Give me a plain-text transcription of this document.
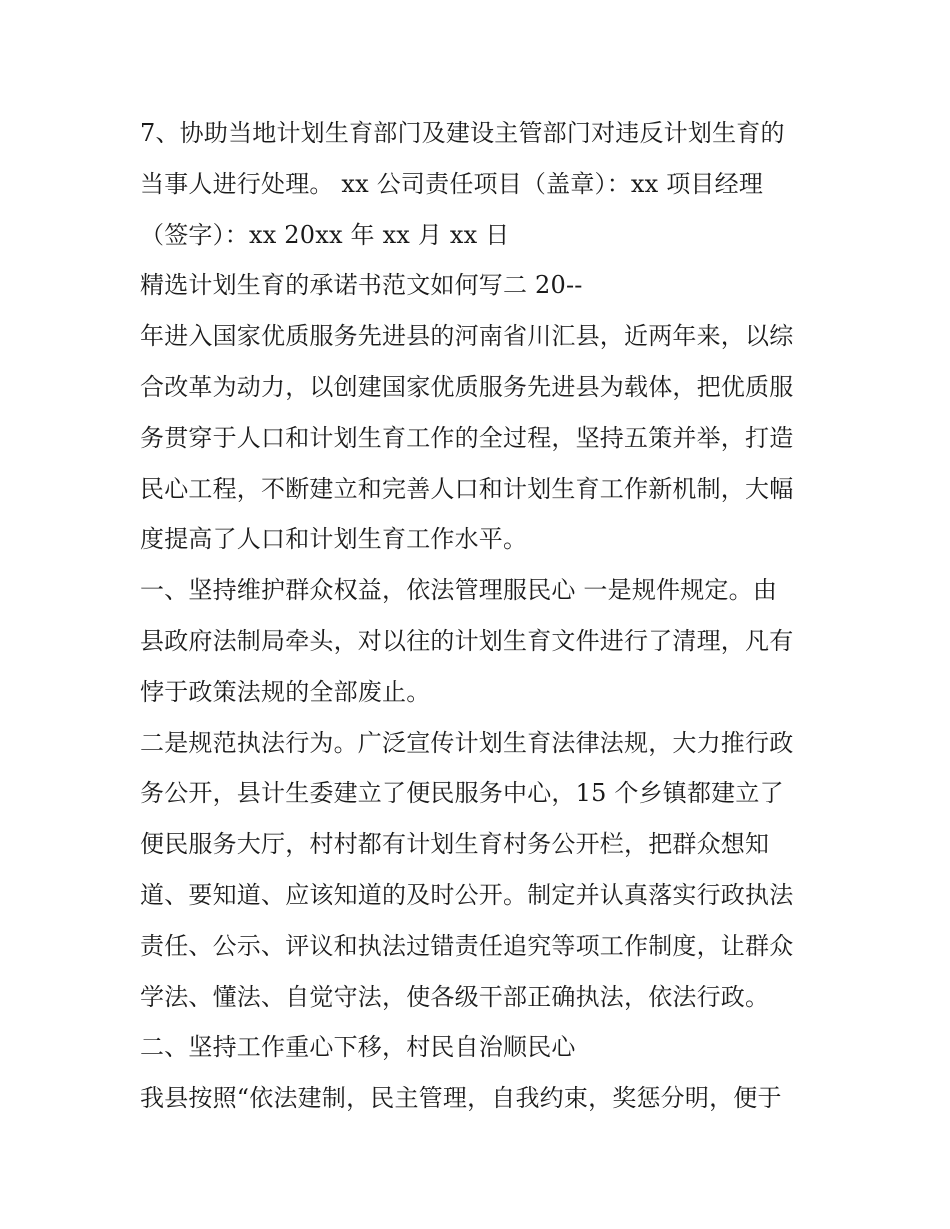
7、协助当地计划生育部门及建设主管部门对违反计划生育的
当事人进行处理。 xx 公司责任项目（盖章）：xx 项目经理
（签字）：xx 20xx 年 xx 月 xx 日
精选计划生育的承诺书范文如何写二 20--
年进入国家优质服务先进县的河南省川汇县，近两年来，以综
合改革为动力，以创建国家优质服务先进县为载体，把优质服
务贯穿于人口和计划生育工作的全过程，坚持五策并举，打造
民心工程，不断建立和完善人口和计划生育工作新机制，大幅
度提高了人口和计划生育工作水平。
一、坚持维护群众权益，依法管理服民心 一是规件规定。由
县政府法制局牵头，对以往的计划生育文件进行了清理，凡有
悖于政策法规的全部废止。
二是规范执法行为。广泛宣传计划生育法律法规，大力推行政
务公开，县计生委建立了便民服务中心，15 个乡镇都建立了
便民服务大厅，村村都有计划生育村务公开栏，把群众想知
道、要知道、应该知道的及时公开。制定并认真落实行政执法
责任、公示、评议和执法过错责任追究等项工作制度，让群众
学法、懂法、自觉守法，使各级干部正确执法，依法行政。
二、坚持工作重心下移，村民自治顺民心
我县按照“依法建制，民主管理，自我约束，奖惩分明，便于
